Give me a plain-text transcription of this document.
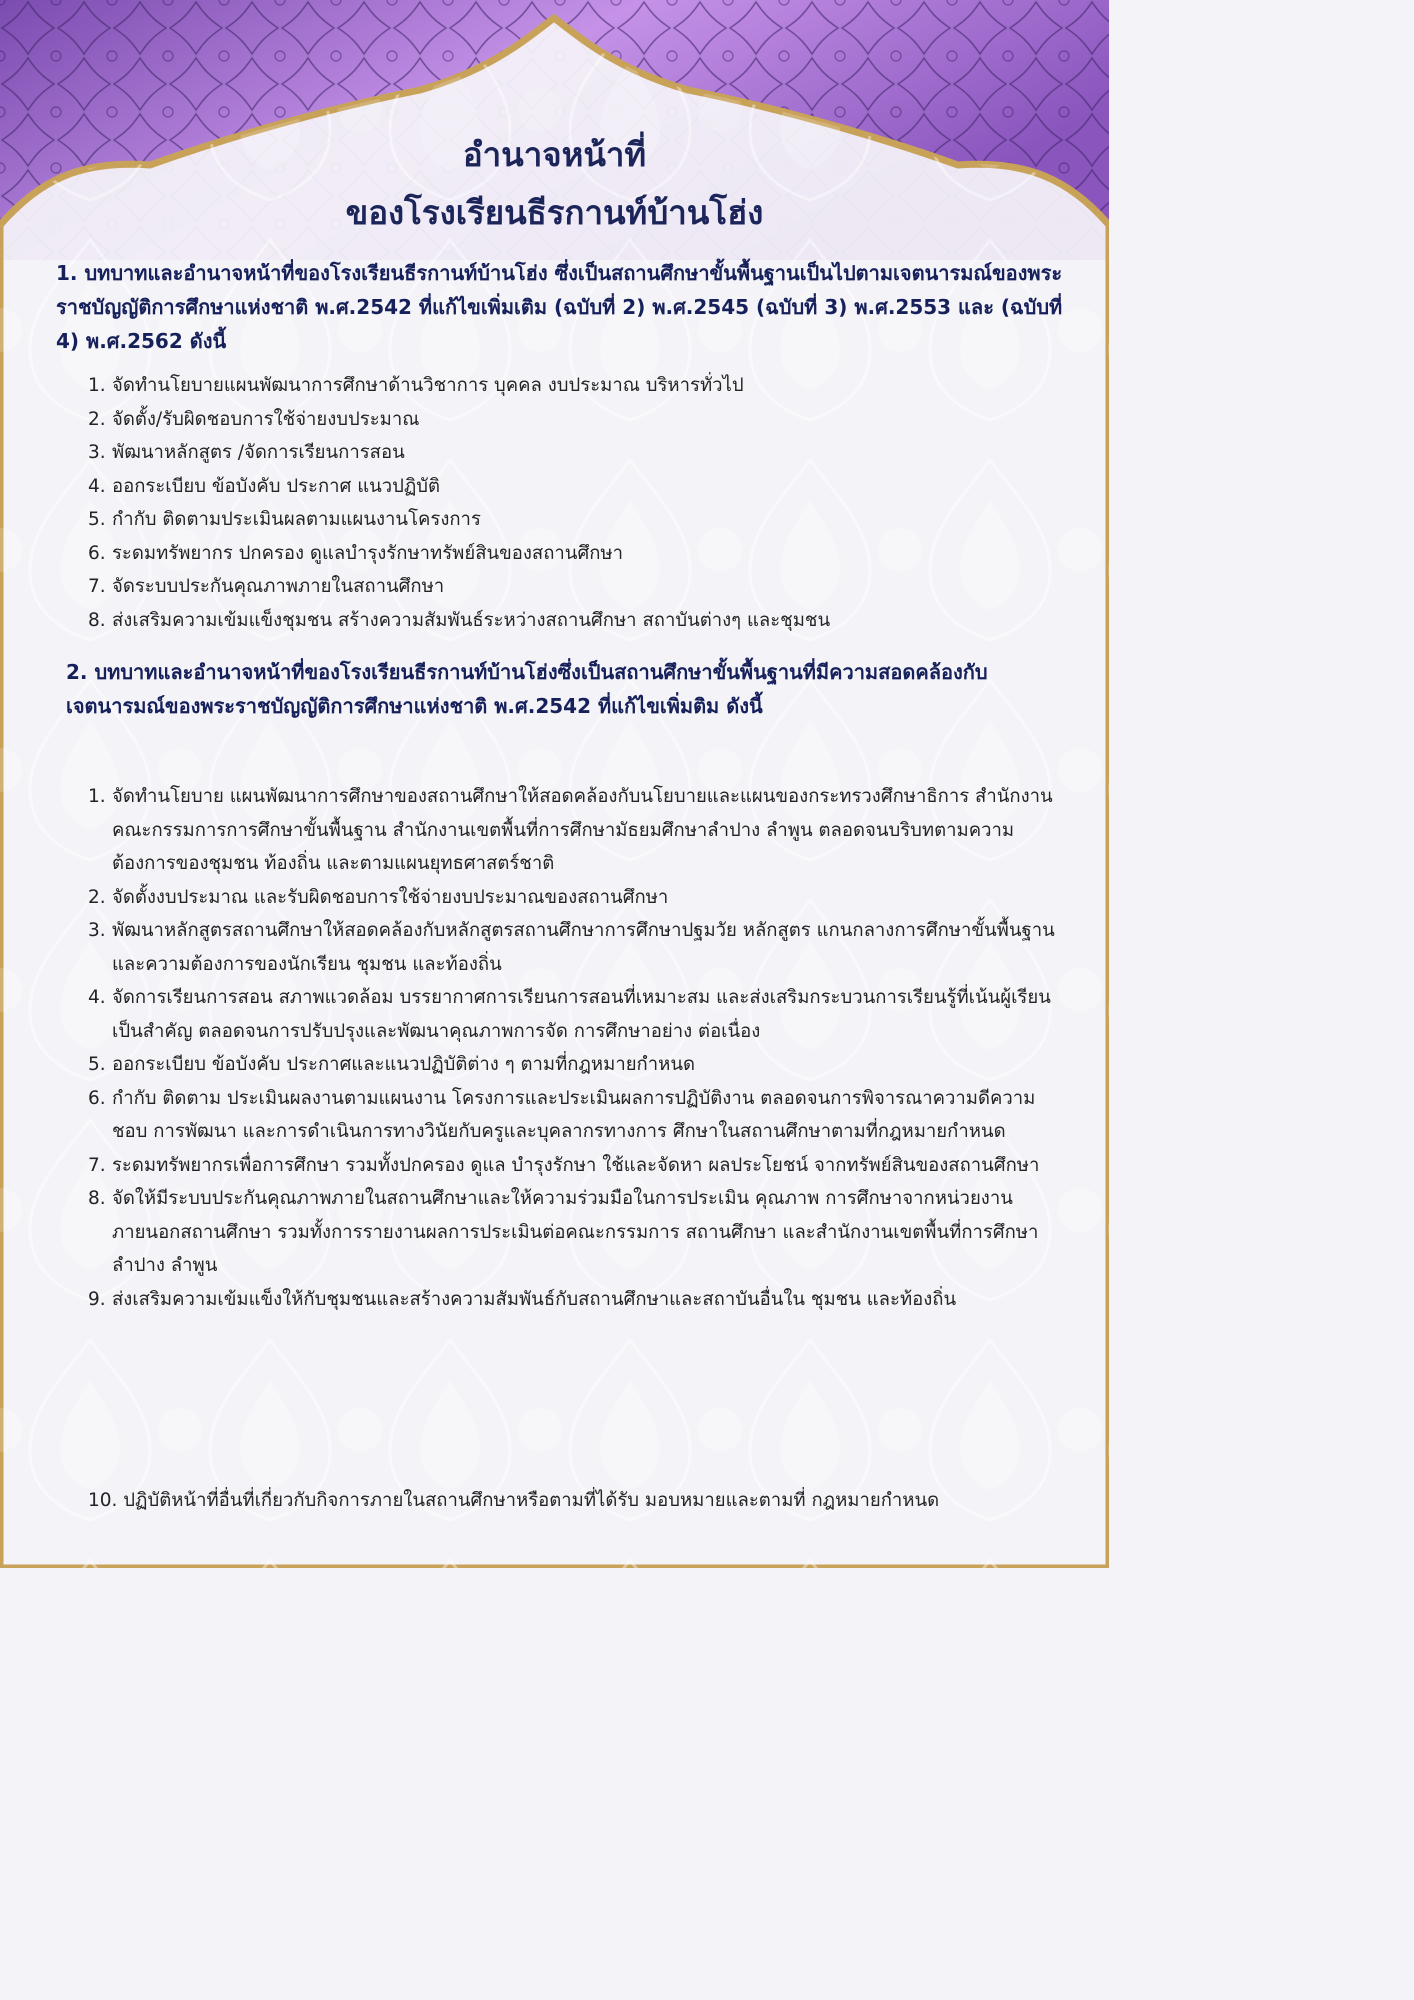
อำนาจหน้าที่
ของโรงเรียนธีรกานท์บ้านโฮ่ง

1. บทบาทและอำนาจหน้าที่ของโรงเรียนธีรกานท์บ้านโฮ่ง ซึ่งเป็นสถานศึกษาขั้นพื้นฐานเป็นไปตามเจตนารมณ์ของพระราชบัญญัติการศึกษาแห่งชาติ พ.ศ.2542 ที่แก้ไขเพิ่มเติม (ฉบับที่ 2) พ.ศ.2545 (ฉบับที่ 3) พ.ศ.2553 และ (ฉบับที่ 4) พ.ศ.2562 ดังนี้

1. จัดทำนโยบายแผนพัฒนาการศึกษาด้านวิชาการ บุคคล งบประมาณ บริหารทั่วไป
2. จัดตั้ง/รับผิดชอบการใช้จ่ายงบประมาณ
3. พัฒนาหลักสูตร /จัดการเรียนการสอน
4. ออกระเบียบ ข้อบังคับ ประกาศ แนวปฏิบัติ
5. กำกับ ติดตามประเมินผลตามแผนงานโครงการ
6. ระดมทรัพยากร ปกครอง ดูแลบำรุงรักษาทรัพย์สินของสถานศึกษา
7. จัดระบบประกันคุณภาพภายในสถานศึกษา
8. ส่งเสริมความเข้มแข็งชุมชน สร้างความสัมพันธ์ระหว่างสถานศึกษา สถาบันต่างๆ และชุมชน

2. บทบาทและอำนาจหน้าที่ของโรงเรียนธีรกานท์บ้านโฮ่งซึ่งเป็นสถานศึกษาขั้นพื้นฐานที่มีความสอดคล้องกับเจตนารมณ์ของพระราชบัญญัติการศึกษาแห่งชาติ พ.ศ.2542 ที่แก้ไขเพิ่มติม ดังนี้

1. จัดทำนโยบาย แผนพัฒนาการศึกษาของสถานศึกษาให้สอดคล้องกับนโยบายและแผนของกระทรวงศึกษาธิการ สำนักงานคณะกรรมการการศึกษาขั้นพื้นฐาน สำนักงานเขตพื้นที่การศึกษามัธยมศึกษาลำปาง ลำพูน ตลอดจนบริบทตามความต้องการของชุมชน ท้องถิ่น และตามแผนยุทธศาสตร์ชาติ
2. จัดตั้งงบประมาณ และรับผิดชอบการใช้จ่ายงบประมาณของสถานศึกษา
3. พัฒนาหลักสูตรสถานศึกษาให้สอดคล้องกับหลักสูตรสถานศึกษาการศึกษาปฐมวัย หลักสูตร แกนกลางการศึกษาขั้นพื้นฐาน และความต้องการของนักเรียน ชุมชน และท้องถิ่น
4. จัดการเรียนการสอน สภาพแวดล้อม บรรยากาศการเรียนการสอนที่เหมาะสม และส่งเสริมกระบวนการเรียนรู้ที่เน้นผู้เรียนเป็นสำคัญ ตลอดจนการปรับปรุงและพัฒนาคุณภาพการจัด การศึกษาอย่าง ต่อเนื่อง
5. ออกระเบียบ ข้อบังคับ ประกาศและแนวปฏิบัติต่าง ๆ ตามที่กฎหมายกำหนด
6. กำกับ ติดตาม ประเมินผลงานตามแผนงาน โครงการและประเมินผลการปฏิบัติงาน ตลอดจนการพิจารณาความดีความชอบ การพัฒนา และการดำเนินการทางวินัยกับครูและบุคลากรทางการ ศึกษาในสถานศึกษาตามที่กฎหมายกำหนด
7. ระดมทรัพยากรเพื่อการศึกษา รวมทั้งปกครอง ดูแล บำรุงรักษา ใช้และจัดหา ผลประโยชน์ จากทรัพย์สินของสถานศึกษา
8. จัดให้มีระบบประกันคุณภาพภายในสถานศึกษาและให้ความร่วมมือในการประเมิน คุณภาพ การศึกษาจากหน่วยงานภายนอกสถานศึกษา รวมทั้งการรายงานผลการประเมินต่อคณะกรรมการ สถานศึกษา และสำนักงานเขตพื้นที่การศึกษาลำปาง ลำพูน
9. ส่งเสริมความเข้มแข็งให้กับชุมชนและสร้างความสัมพันธ์กับสถานศึกษาและสถาบันอื่นใน ชุมชน และท้องถิ่น

10. ปฏิบัติหน้าที่อื่นที่เกี่ยวกับกิจการภายในสถานศึกษาหรือตามที่ได้รับ มอบหมายและตามที่ กฎหมายกำหนด
